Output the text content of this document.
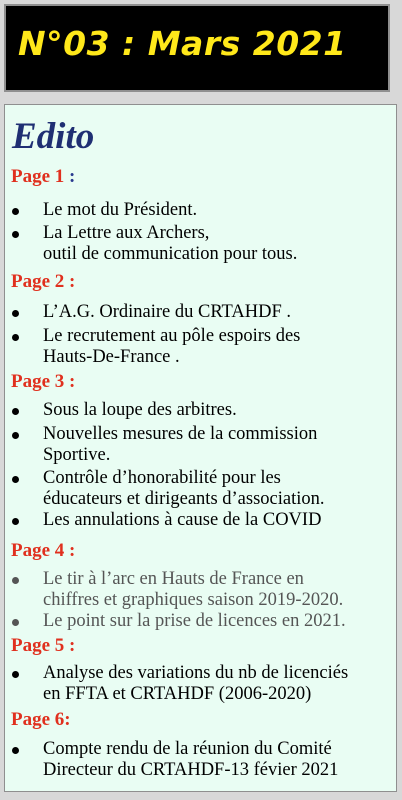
N°03 : Mars 2021
Edito
Page 1 :
Le mot du Président.
La Lettre aux Archers,
outil de communication pour tous.
Page 2 :
L’A.G. Ordinaire du CRTAHDF .
Le recrutement au pôle espoirs des
Hauts-De-France .
Page 3 :
Sous la loupe des arbitres.
Nouvelles mesures de la commission
Sportive.
Contrôle d’honorabilité pour les
éducateurs et dirigeants d’association.
Les annulations à cause de la COVID
Page 4 :
Le tir à l’arc en Hauts de France en
chiffres et graphiques saison 2019-2020.
Le point sur la prise de licences en 2021.
Page 5 :
Analyse des variations du nb de licenciés
en FFTA et CRTAHDF (2006-2020)
Page 6:
Compte rendu de la réunion du Comité
Directeur du CRTAHDF-13 févier 2021
